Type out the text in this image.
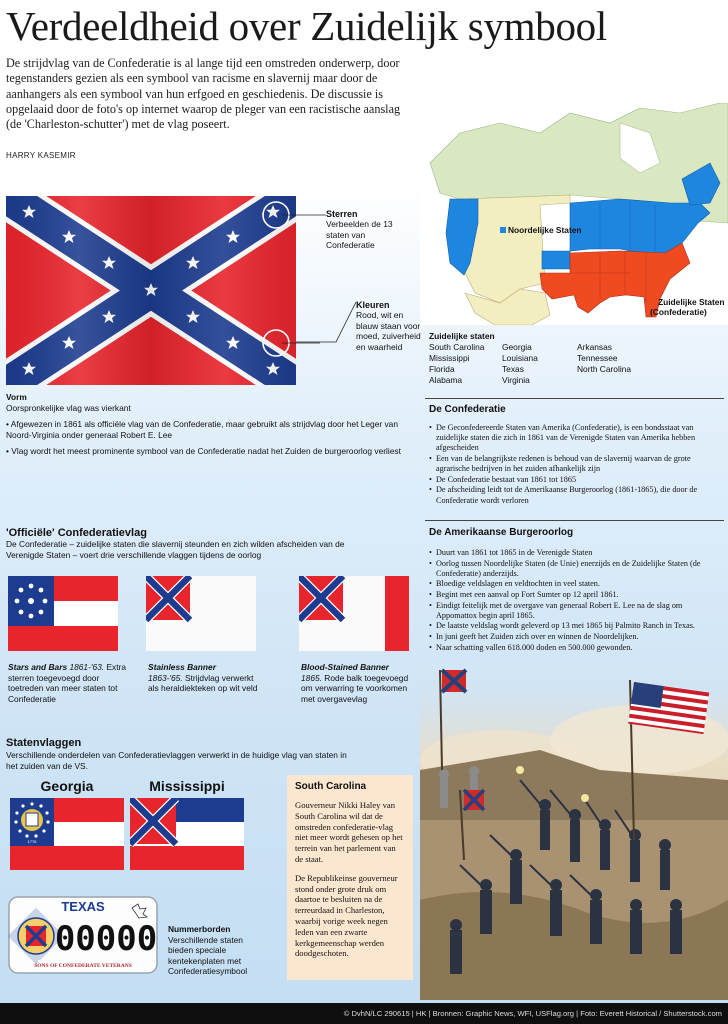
Verdeeldheid over Zuidelijk symbool
De strijdvlag van de Confederatie is al lange tijd een omstreden onderwerp, door tegenstanders gezien als een symbool van racisme en slavernij maar door de aanhangers als een symbool van hun erfgoed en geschiedenis. De discussie is opgelaaid door de foto's op internet waarop de pleger van een racistische aanslag (de 'Charleston-schutter') met de vlag poseert.
HARRY KASEMIR
Sterren
Verbeelden de 13 staten van Confederatie
Kleuren
Rood, wit en blauw staan voor moed, zuiverheid en waarheid
Vorm

Oorspronkelijke vlag was vierkant

• Afgewezen in 1861 als officiële vlag van de Confederatie, maar gebruikt als strijdvlag door het Leger van Noord-Virginia onder generaal Robert E. Lee

• Vlag wordt het meest prominente symbool van de Confederatie nadat het Zuiden de burgeroorlog verliest

'Officiële' Confederatievlag
De Confederatie – zuidelijke staten die slavernij steunden en zich wilden afscheiden van de Verenigde Staten – voert drie verschillende vlaggen tijdens de oorlog
Stars and Bars 1861-'63. Extra sterren toegevoegd door toetreden van meer staten tot Confederatie
Stainless Banner
1863-'65. Strijdvlag verwerkt als heraldiekteken op wit veld
Blood-Stained Banner
1865. Rode balk toegevoegd om verwarring te voorkomen met overgavevlag
Statenvlaggen
Verschillende onderdelen van Confederatievlaggen verwerkt in de huidige vlag van staten in het zuiden van de VS.
Georgia	Mississippi
1776
TEXAS
00000
SONS OF CONFEDERATE VETERANS
Nummerborden
Verschillende staten bieden speciale kentekenplaten met Confederatiesymbool
South Carolina
Gouverneur Nikki Haley van South Carolina wil dat de omstreden confederatie-vlag niet meer wordt gehesen op het terrein van het parlement van de staat.
De Republikeinse gouverneur stond onder grote druk om daartoe te besluiten na de terreurdaad in Charleston, waarbij vorige week negen leden van een zwarte kerkgemeenschap werden doodgeschoten.
Noordelijke Staten
Zuidelijke Staten (Confederatie)
Zuidelijke staten
South Carolina
Mississippi
Florida
Alabama
Georgia
Louisiana
Texas
Virginia
Arkansas
Tennessee
North Carolina
De Confederatie
• De Geconfedereerde Staten van Amerika (Confederatie), is een bondsstaat van zuidelijke staten die zich in 1861 van de Verenigde Staten van Amerika hebben afgescheiden
• Een van de belangrijkste redenen is behoud van de slavernij waarvan de grote agrarische bedrijven in het zuiden afhankelijk zijn
• De Confederatie bestaat van 1861 tot 1865
• De afscheiding leidt tot de Amerikaanse Burgeroorlog (1861-1865), die door de Confederatie wordt verloren
De Amerikaanse Burgeroorlog
• Duurt van 1861 tot 1865 in de Verenigde Staten
• Oorlog tussen Noordelijke Staten (de Unie) enerzijds en de Zuidelijke Staten (de Confederatie) anderzijds.
• Bloedige veldslagen en veldtochten in veel staten.
• Begint met een aanval op Fort Sumter op 12 april 1861.
• Eindigt feitelijk met de overgave van generaal Robert E. Lee na de slag om Appomattox begin april 1865.
• De laatste veldslag wordt geleverd op 13 mei 1865 bij Palmito Ranch in Texas.
• In juni geeft het Zuiden zich over en winnen de Noordelijken.
• Naar schatting vallen 618.000 doden en 500.000 gewonden.
© DvhN/LC 290615 | HK | Bronnen: Graphic News, WFI, USFlag.org | Foto: Everett Historical / Shutterstock.com
